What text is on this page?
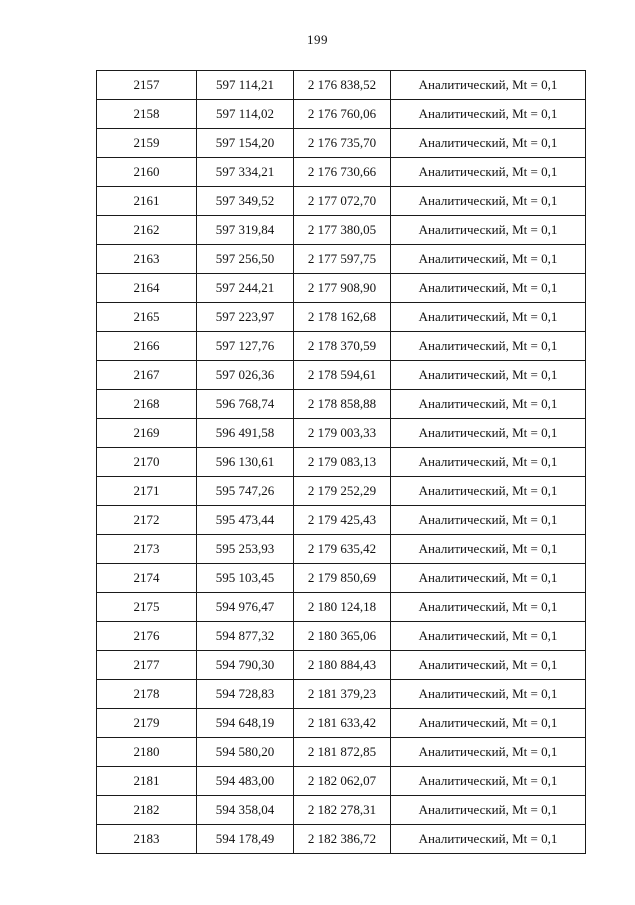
199
2157	597 114,21	2 176 838,52	Аналитический, Mt = 0,1
2158	597 114,02	2 176 760,06	Аналитический, Mt = 0,1
2159	597 154,20	2 176 735,70	Аналитический, Mt = 0,1
2160	597 334,21	2 176 730,66	Аналитический, Mt = 0,1
2161	597 349,52	2 177 072,70	Аналитический, Mt = 0,1
2162	597 319,84	2 177 380,05	Аналитический, Mt = 0,1
2163	597 256,50	2 177 597,75	Аналитический, Mt = 0,1
2164	597 244,21	2 177 908,90	Аналитический, Mt = 0,1
2165	597 223,97	2 178 162,68	Аналитический, Mt = 0,1
2166	597 127,76	2 178 370,59	Аналитический, Mt = 0,1
2167	597 026,36	2 178 594,61	Аналитический, Mt = 0,1
2168	596 768,74	2 178 858,88	Аналитический, Mt = 0,1
2169	596 491,58	2 179 003,33	Аналитический, Mt = 0,1
2170	596 130,61	2 179 083,13	Аналитический, Mt = 0,1
2171	595 747,26	2 179 252,29	Аналитический, Mt = 0,1
2172	595 473,44	2 179 425,43	Аналитический, Mt = 0,1
2173	595 253,93	2 179 635,42	Аналитический, Mt = 0,1
2174	595 103,45	2 179 850,69	Аналитический, Mt = 0,1
2175	594 976,47	2 180 124,18	Аналитический, Mt = 0,1
2176	594 877,32	2 180 365,06	Аналитический, Mt = 0,1
2177	594 790,30	2 180 884,43	Аналитический, Mt = 0,1
2178	594 728,83	2 181 379,23	Аналитический, Mt = 0,1
2179	594 648,19	2 181 633,42	Аналитический, Mt = 0,1
2180	594 580,20	2 181 872,85	Аналитический, Mt = 0,1
2181	594 483,00	2 182 062,07	Аналитический, Mt = 0,1
2182	594 358,04	2 182 278,31	Аналитический, Mt = 0,1
2183	594 178,49	2 182 386,72	Аналитический, Mt = 0,1
